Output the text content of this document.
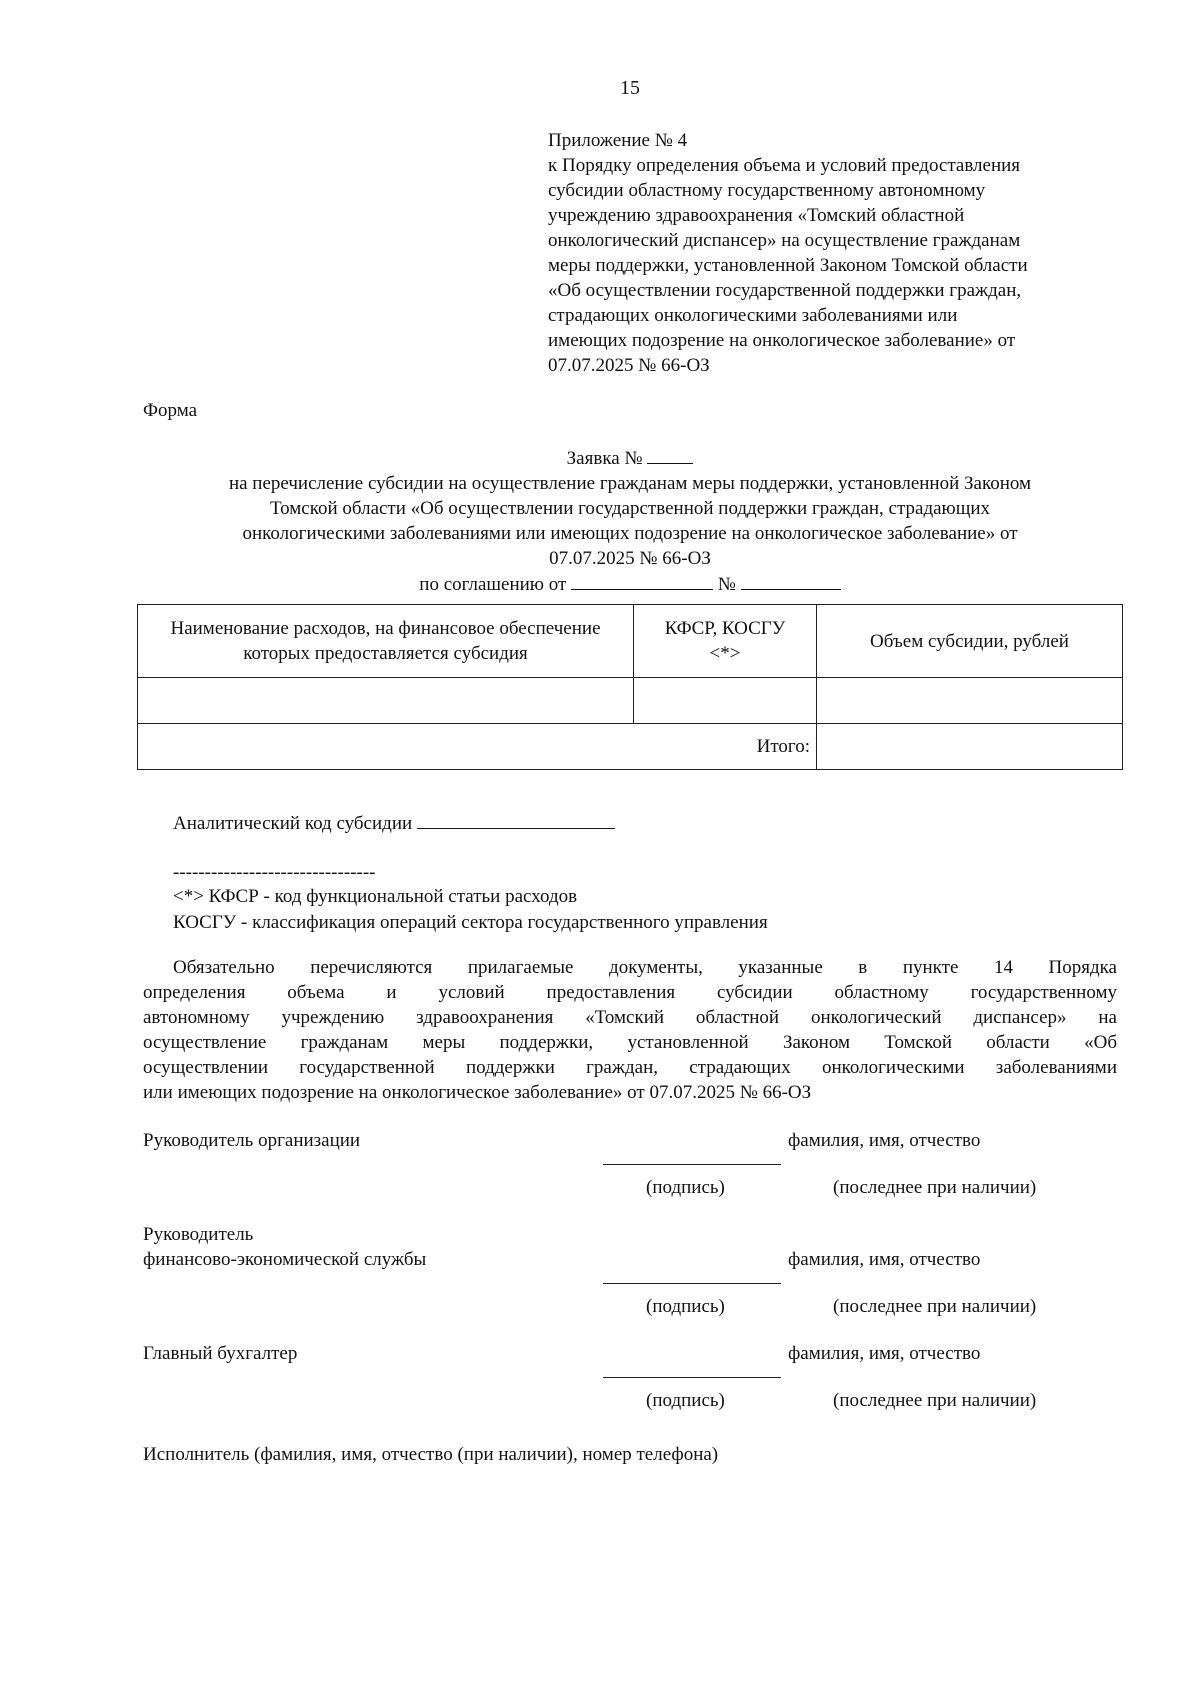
15
Приложение № 4
к Порядку определения объема и условий предоставления
субсидии областному государственному автономному
учреждению здравоохранения «Томский областной
онкологический диспансер» на осуществление гражданам
меры поддержки, установленной Законом Томской области
«Об осуществлении государственной поддержки граждан,
страдающих онкологическими заболеваниями или
имеющих подозрение на онкологическое заболевание» от
07.07.2025 № 66-ОЗ
Форма
Заявка №
на перечисление субсидии на осуществление гражданам меры поддержки, установленной Законом
Томской области «Об осуществлении государственной поддержки граждан, страдающих
онкологическими заболеваниями или имеющих подозрение на онкологическое заболевание» от
07.07.2025 № 66-ОЗ
по соглашению от	№
Наименование расходов, на финансовое обеспечение которых предоставляется субсидия	КФСР, КОСГУ <*>	Объем субсидии, рублей

Итого:		
Аналитический код субсидии
--------------------------------
<*> КФСР - код функциональной статьи расходов
КОСГУ - классификация операций сектора государственного управления
Обязательно перечисляются прилагаемые документы, указанные в пункте 14 Порядка
определения объема и условий предоставления субсидии областному государственному
автономному учреждению здравоохранения «Томский областной онкологический диспансер» на
осуществление гражданам меры поддержки, установленной Законом Томской области «Об
осуществлении государственной поддержки граждан, страдающих онкологическими заболеваниями
или имеющих подозрение на онкологическое заболевание» от 07.07.2025 № 66-ОЗ
Руководитель организации	фамилия, имя, отчество
(подпись)	(последнее при наличии)
Руководитель
финансово-экономической службы	фамилия, имя, отчество
(подпись)	(последнее при наличии)
Главный бухгалтер	фамилия, имя, отчество
(подпись)	(последнее при наличии)
Исполнитель (фамилия, имя, отчество (при наличии), номер телефона)
